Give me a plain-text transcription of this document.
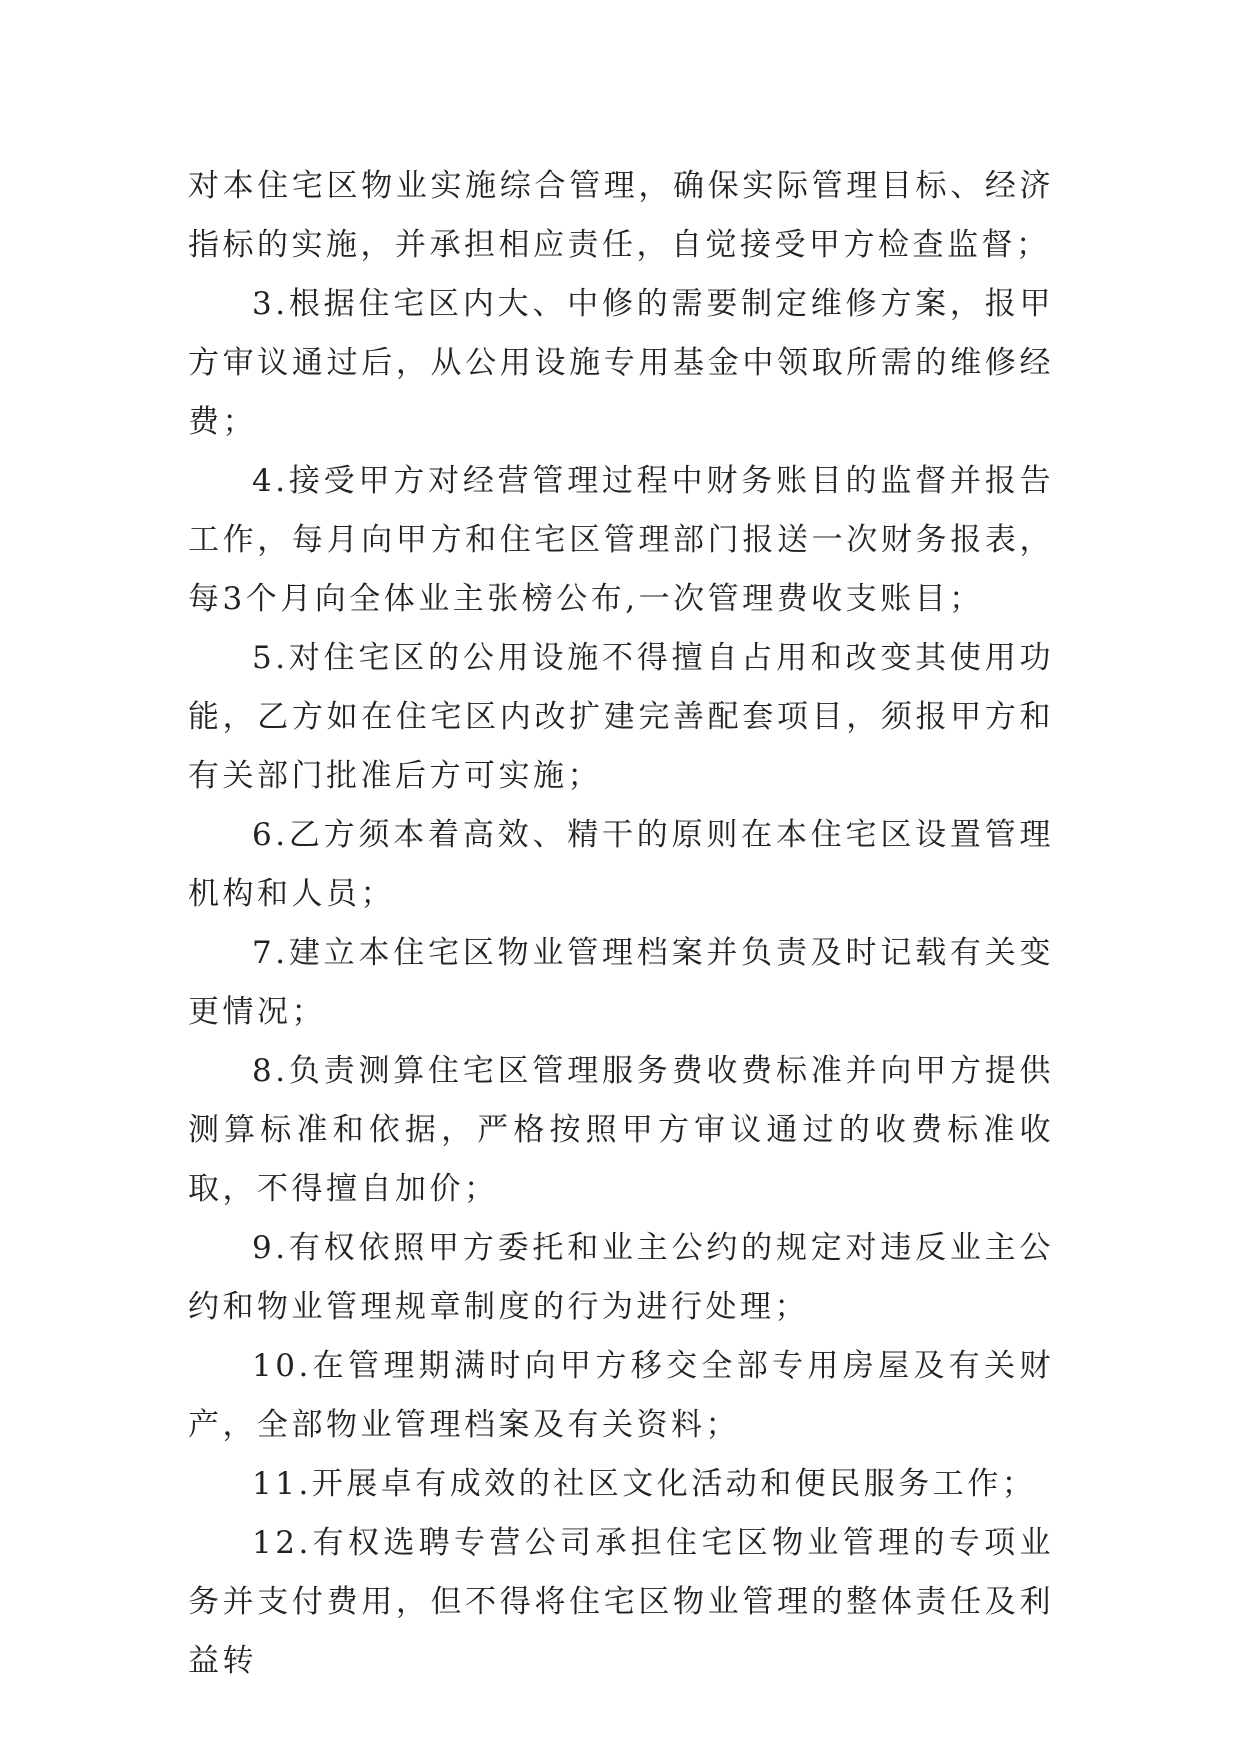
对本住宅区物业实施综合管理，确保实际管理目标、经济指标的实施，并承担相应责任，自觉接受甲方检查监督；

3.根据住宅区内大、中修的需要制定维修方案，报甲方审议通过后，从公用设施专用基金中领取所需的维修经费；

4.接受甲方对经营管理过程中财务账目的监督并报告工作，每月向甲方和住宅区管理部门报送一次财务报表，每3个月向全体业主张榜公布,一次管理费收支账目；

5.对住宅区的公用设施不得擅自占用和改变其使用功能，乙方如在住宅区内改扩建完善配套项目，须报甲方和有关部门批准后方可实施；

6.乙方须本着高效、精干的原则在本住宅区设置管理机构和人员；

7.建立本住宅区物业管理档案并负责及时记载有关变更情况；

8.负责测算住宅区管理服务费收费标准并向甲方提供测算标准和依据，严格按照甲方审议通过的收费标准收取，不得擅自加价；

9.有权依照甲方委托和业主公约的规定对违反业主公约和物业管理规章制度的行为进行处理；

10.在管理期满时向甲方移交全部专用房屋及有关财产，全部物业管理档案及有关资料；

11.开展卓有成效的社区文化活动和便民服务工作；

12.有权选聘专营公司承担住宅区物业管理的专项业务并支付费用，但不得将住宅区物业管理的整体责任及利益转
